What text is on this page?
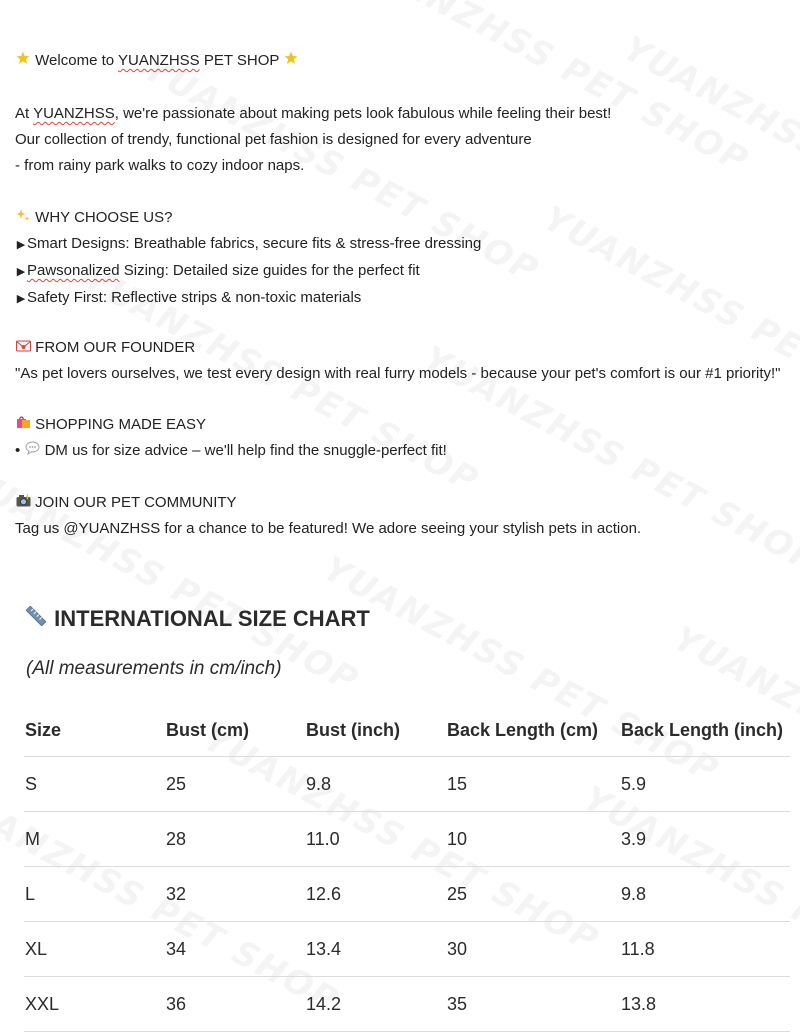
Welcome to YUANZHSS PET SHOP
At YUANZHSS, we're passionate about making pets look fabulous while feeling their best!
Our collection of trendy, functional pet fashion is designed for every adventure
- from rainy park walks to cozy indoor naps.
WHY CHOOSE US?
▶ Smart Designs: Breathable fabrics, secure fits & stress-free dressing
▶ Pawsonalized Sizing: Detailed size guides for the perfect fit
▶ Safety First: Reflective strips & non-toxic materials
FROM OUR FOUNDER
"As pet lovers ourselves, we test every design with real furry models - because your pet's comfort is our #1 priority!"
SHOPPING MADE EASY
•  DM us for size advice – we'll help find the snuggle-perfect fit!
JOIN OUR PET COMMUNITY
Tag us @YUANZHSS for a chance to be featured! We adore seeing your stylish pets in action.
INTERNATIONAL SIZE CHART
(All measurements in cm/inch)
Size	Bust (cm)	Bust (inch)	Back Length (cm)	Back Length (inch)
S	25	9.8	15	5.9
M	28	11.0	10	3.9
L	32	12.6	25	9.8
XL	34	13.4	30	11.8
XXL	36	14.2	35	13.8
